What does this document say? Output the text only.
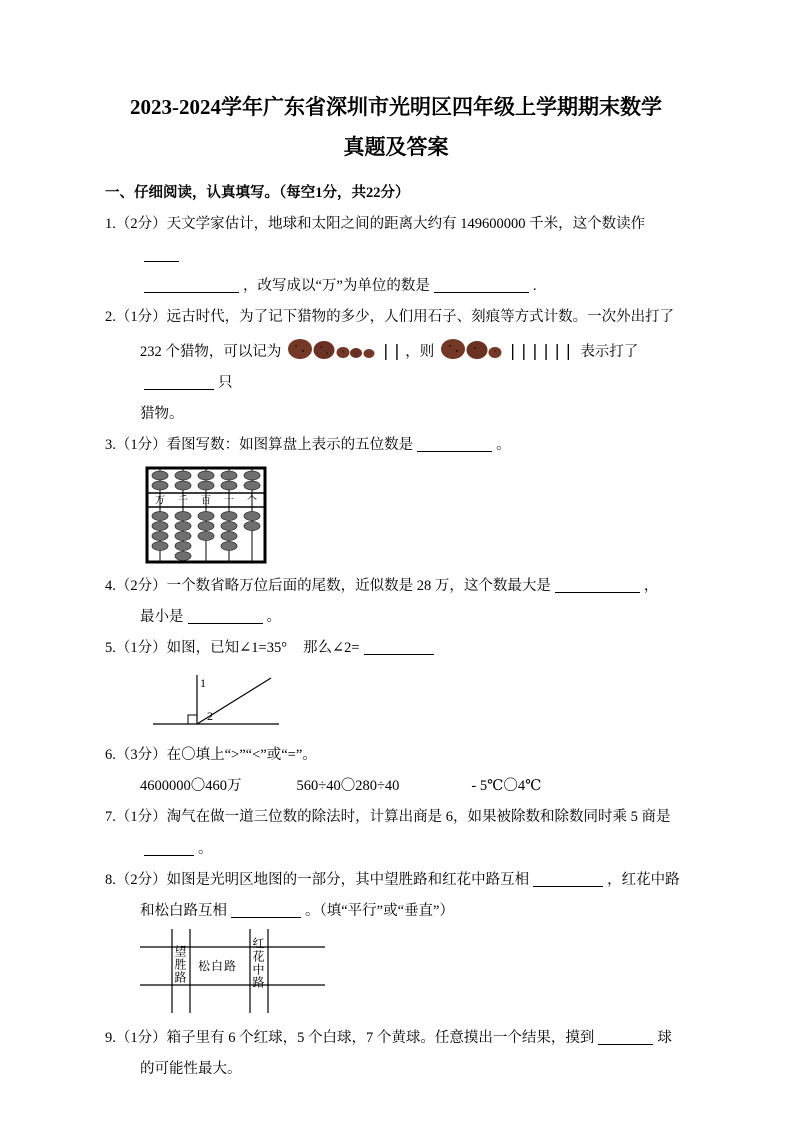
2023-2024学年广东省深圳市光明区四年级上学期期末数学
真题及答案
一、仔细阅读，认真填写。（每空1分，共22分）
1.（2分）天文学家估计，地球和太阳之间的距离大约有 149600000 千米，这个数读作
，改写成以“万”为单位的数是	.
2.（1分）远古时代，为了记下猎物的多少，人们用石子、刻痕等方式计数。一次外出打了
232 个猎物，可以记为	|| ，则	|||||| 表示打了只
猎物。
3.（1分）看图写数：如图算盘上表示的五位数是	。
万 千 百 十 个
4.（2分）一个数省略万位后面的尾数，近似数是 28 万，这个数最大是	，
最小是	。
5.（1分）如图，已知∠1=35° 那么∠2=
1
2
6.（3分）在〇填上“>”“<”或“=”。
4600000〇460万	560÷40〇280÷40	- 5℃〇4℃
7.（1分）淘气在做一道三位数的除法时，计算出商是 6，如果被除数和除数同时乘 5 商是
。
8.（2分）如图是光明区地图的一部分，其中望胜路和红花中路互相	，红花中路
和松白路互相	。（填“平行”或“垂直”）
望胜路 松白路 红花中路
9.（1分）箱子里有 6 个红球，5 个白球，7 个黄球。任意摸出一个结果，摸到	球
的可能性最大。
